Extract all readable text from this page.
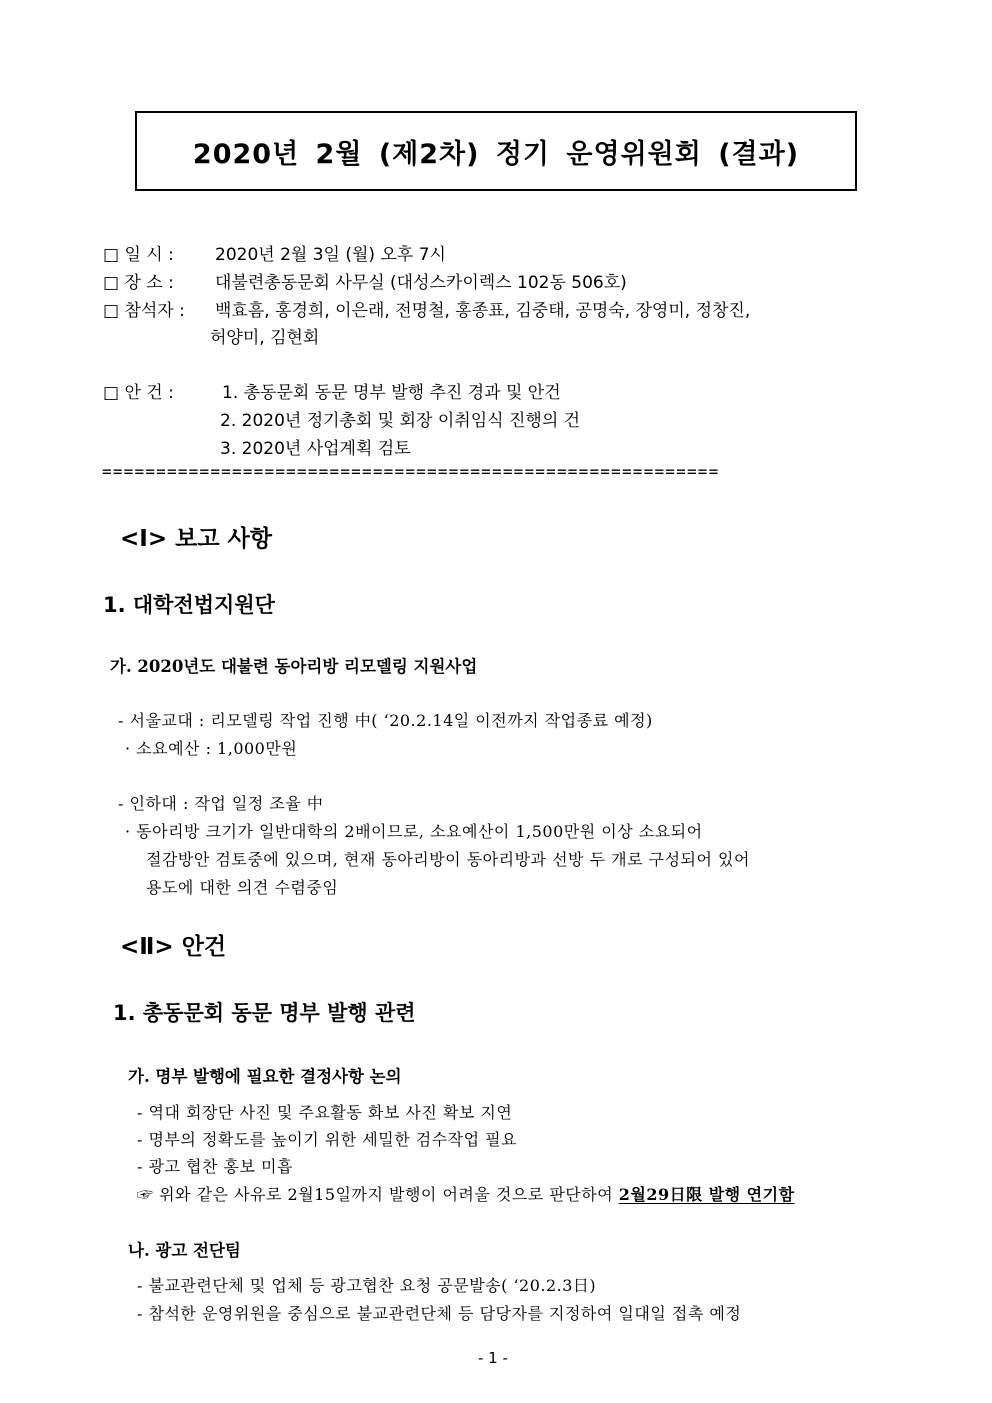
2020년 2월 (제2차) 정기 운영위원회 (결과)
□ 일 시 : 2020년 2월 3일 (월) 오후 7시
□ 장 소 : 대불련총동문회 사무실 (대성스카이렉스 102동 506호)
□ 참석자 : 백효흠, 홍경희, 이은래, 전명철, 홍종표, 김중태, 공명숙, 장영미, 정창진,
허양미, 김현회
□ 안 건 :	1. 총동문회 동문 명부 발행 추진 경과 및 안건
2. 2020년 정기총회 및 회장 이취임식 진행의 건
3. 2020년 사업계획 검토
=========================================================
<Ⅰ> 보고 사항
1. 대학전법지원단
가. 2020년도 대불련 동아리방 리모델링 지원사업
- 서울교대 : 리모델링 작업 진행 中( ‘20.2.14일 이전까지 작업종료 예정)
· 소요예산 : 1,000만원
- 인하대 : 작업 일정 조율 中
· 동아리방 크기가 일반대학의 2배이므로, 소요예산이 1,500만원 이상 소요되어
절감방안 검토중에 있으며, 현재 동아리방이 동아리방과 선방 두 개로 구성되어 있어
용도에 대한 의견 수렴중임
<Ⅱ> 안건
1. 총동문회 동문 명부 발행 관련
가. 명부 발행에 필요한 결정사항 논의
- 역대 회장단 사진 및 주요활동 화보 사진 확보 지연
- 명부의 정확도를 높이기 위한 세밀한 검수작업 필요
- 광고 협찬 홍보 미흡
☞ 위와 같은 사유로 2월15일까지 발행이 어려울 것으로 판단하여 2월29日限 발행 연기함
나. 광고 전단팀
- 불교관련단체 및 업체 등 광고협찬 요청 공문발송( ‘20.2.3日)
- 참석한 운영위원을 중심으로 불교관련단체 등 담당자를 지정하여 일대일 접촉 예정
- 1 -
